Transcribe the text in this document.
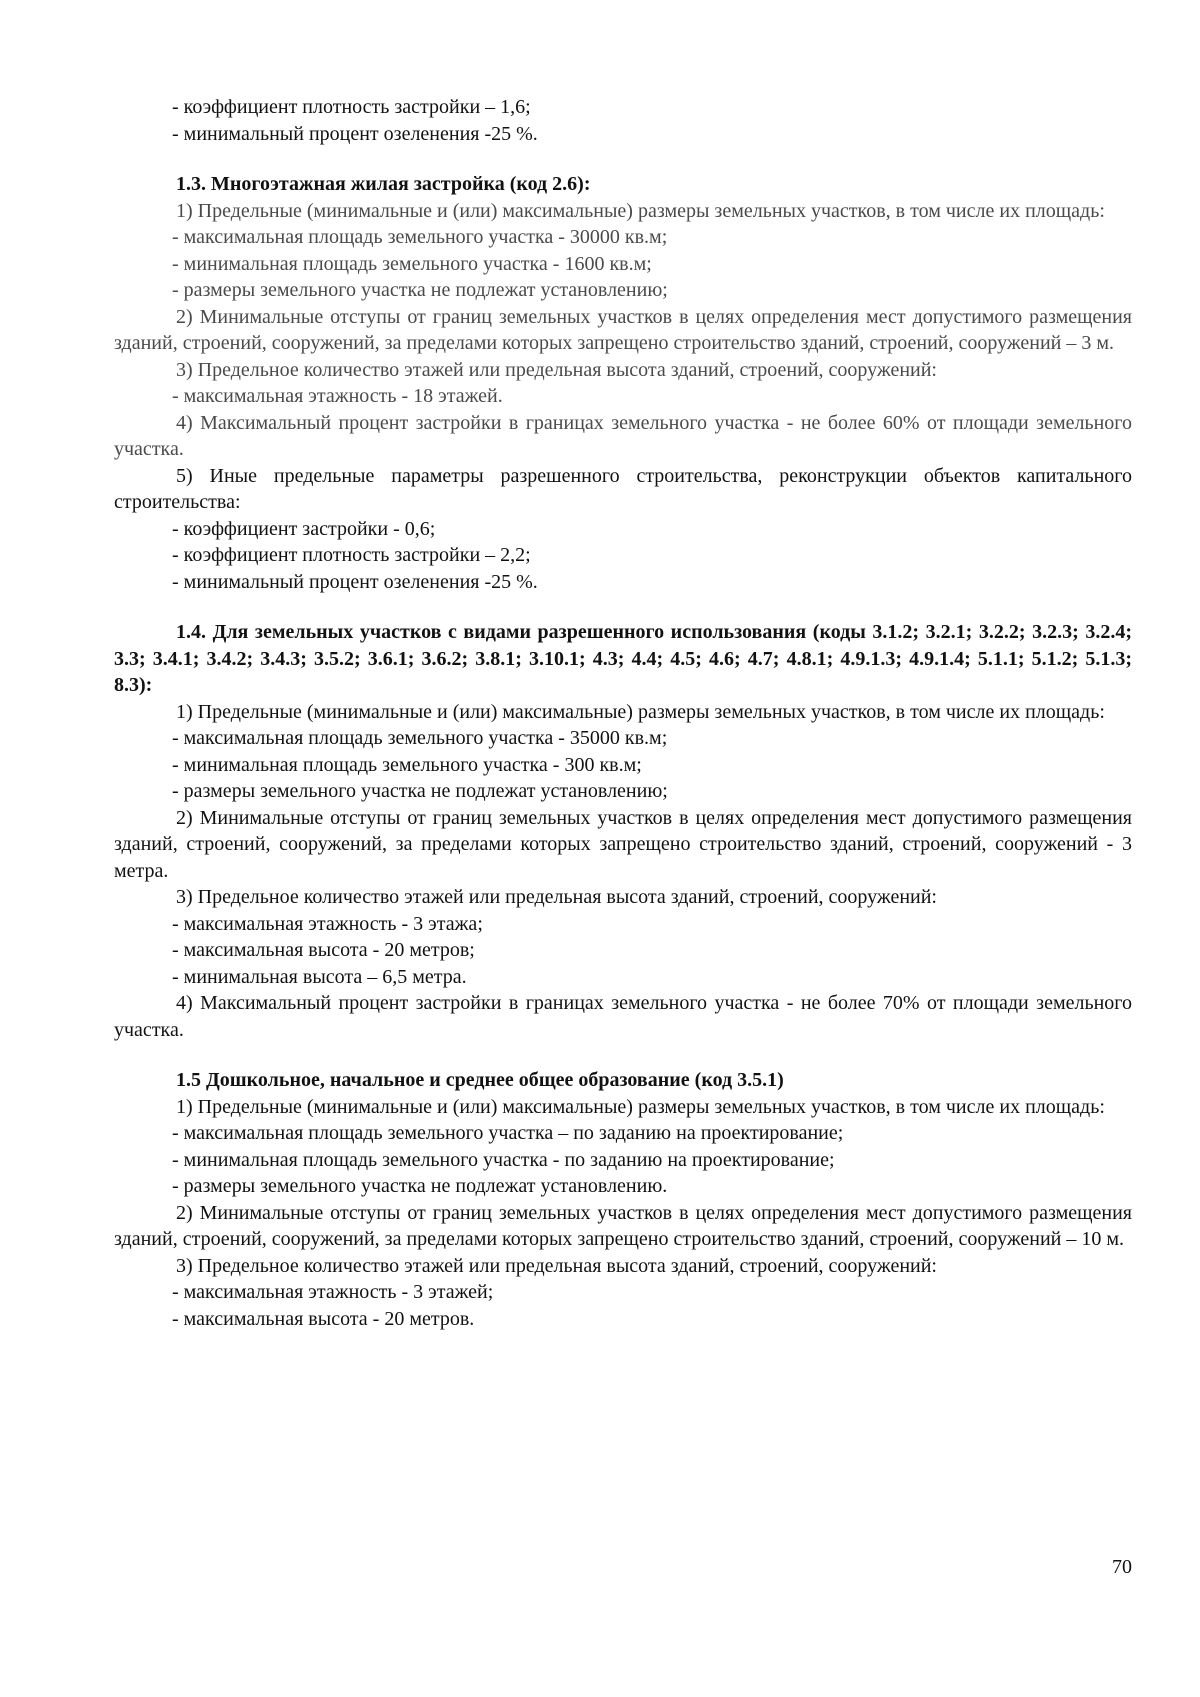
- коэффициент плотность застройки – 1,6;

- минимальный процент озеленения -25 %.

1.3. Многоэтажная жилая застройка (код 2.6):

1) Предельные (минимальные и (или) максимальные) размеры земельных участков, в том числе их площадь:

- максимальная площадь земельного участка - 30000 кв.м;

- минимальная площадь земельного участка - 1600 кв.м;

- размеры земельного участка не подлежат установлению;

2) Минимальные отступы от границ земельных участков в целях определения мест допустимого размещения зданий, строений, сооружений, за пределами которых запрещено строительство зданий, строений, сооружений – 3 м.

3) Предельное количество этажей или предельная высота зданий, строений, сооружений:

- максимальная этажность - 18 этажей.

4) Максимальный процент застройки в границах земельного участка - не более 60% от площади земельного участка.

5) Иные предельные параметры разрешенного строительства, реконструкции объектов капитального строительства:

- коэффициент застройки - 0,6;

- коэффициент плотность застройки – 2,2;

- минимальный процент озеленения -25 %.

1.4. Для земельных участков с видами разрешенного использования (коды 3.1.2; 3.2.1; 3.2.2; 3.2.3; 3.2.4; 3.3; 3.4.1; 3.4.2; 3.4.3; 3.5.2; 3.6.1; 3.6.2; 3.8.1; 3.10.1; 4.3; 4.4; 4.5; 4.6; 4.7; 4.8.1; 4.9.1.3; 4.9.1.4; 5.1.1; 5.1.2; 5.1.3; 8.3):

1) Предельные (минимальные и (или) максимальные) размеры земельных участков, в том числе их площадь:

- максимальная площадь земельного участка - 35000 кв.м;

- минимальная площадь земельного участка - 300 кв.м;

- размеры земельного участка не подлежат установлению;

2) Минимальные отступы от границ земельных участков в целях определения мест допустимого размещения зданий, строений, сооружений, за пределами которых запрещено строительство зданий, строений, сооружений - 3 метра.

3) Предельное количество этажей или предельная высота зданий, строений, сооружений:

- максимальная этажность - 3 этажа;

- максимальная высота - 20 метров;

- минимальная высота – 6,5 метра.

4) Максимальный процент застройки в границах земельного участка - не более 70% от площади земельного участка.

1.5 Дошкольное, начальное и среднее общее образование (код 3.5.1)

1) Предельные (минимальные и (или) максимальные) размеры земельных участков, в том числе их площадь:

- максимальная площадь земельного участка – по заданию на проектирование;

- минимальная площадь земельного участка - по заданию на проектирование;

- размеры земельного участка не подлежат установлению.

2) Минимальные отступы от границ земельных участков в целях определения мест допустимого размещения зданий, строений, сооружений, за пределами которых запрещено строительство зданий, строений, сооружений – 10 м.

3) Предельное количество этажей или предельная высота зданий, строений, сооружений:

- максимальная этажность - 3 этажей;

- максимальная высота - 20 метров.

70
